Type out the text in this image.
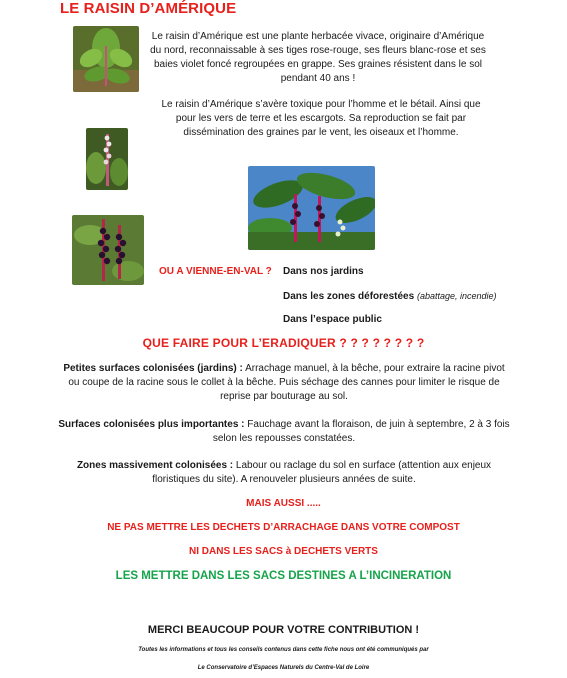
LE RAISIN D’AMÉRIQUE
Le raisin d’Amérique est une plante herbacée vivace, originaire d’Amérique du nord, reconnaissable à ses tiges rose-rouge, ses fleurs blanc-rose et ses baies violet foncé regroupées en grappe. Ses graines résistent dans le sol pendant 40 ans !
Le raisin d’Amérique s’avère toxique pour l’homme et le bétail. Ainsi que pour les vers de terre et les escargots. Sa reproduction se fait par dissémination des graines par le vent, les oiseaux et l’homme.
OU A VIENNE-EN-VAL ? Dans nos jardins
Dans les zones déforestées (abattage, incendie)
Dans l’espace public
QUE FAIRE POUR L’ERADIQUER ? ? ? ? ? ? ? ?
Petites surfaces colonisées (jardins) : Arrachage manuel, à la bêche, pour extraire la racine pivot ou coupe de la racine sous le collet à la bêche. Puis séchage des cannes pour limiter le risque de reprise par bouturage au sol.
Surfaces colonisées plus importantes : Fauchage avant la floraison, de juin à septembre, 2 à 3 fois selon les repousses constatées.
Zones massivement colonisées : Labour ou raclage du sol en surface (attention aux enjeux floristiques du site). A renouveler plusieurs années de suite.
MAIS AUSSI .....
NE PAS METTRE LES DECHETS D’ARRACHAGE DANS VOTRE COMPOST
NI DANS LES SACS à DECHETS VERTS
LES METTRE DANS LES SACS DESTINES A L’INCINERATION
MERCI BEAUCOUP POUR VOTRE CONTRIBUTION !
Toutes les informations et tous les conseils contenus dans cette fiche nous ont été communiqués par
Le Conservatoire d’Espaces Naturels du Centre-Val de Loire
